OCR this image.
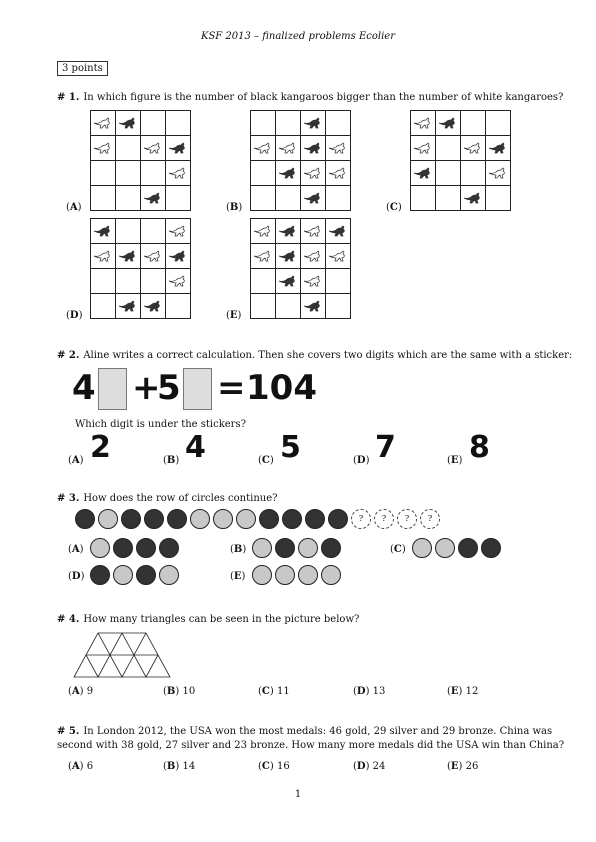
KSF 2013 – finalized problems Ecolier
3 points
# 1. In which figure is the number of black kangaroos bigger than the number of white kangaroes?
# 2. Aline writes a correct calculation. Then she covers two digits which are the same with a sticker:
4 +
5 = 104
Which digit is under the stickers?
# 3. How does the row of circles continue?
# 4. How many triangles can be seen in the picture below?
# 5. In London 2012, the USA won the most medals: 46 gold, 29 silver and 29 bronze. China was
second with 38 gold, 27 silver and 23 bronze. How many more medals did the USA win than China?
1

(A)

		(B)

		(C)

(D)

		(E)
(A) 2	(B) 4	(C) 5	(D) 7	(E) 8
?	?	?	?
(A)	(B)	(C)
(D)	(E)
(A) 9	(B) 10	(C) 11	(D) 13	(E) 12
(A) 6	(B) 14	(C) 16	(D) 24	(E) 26
